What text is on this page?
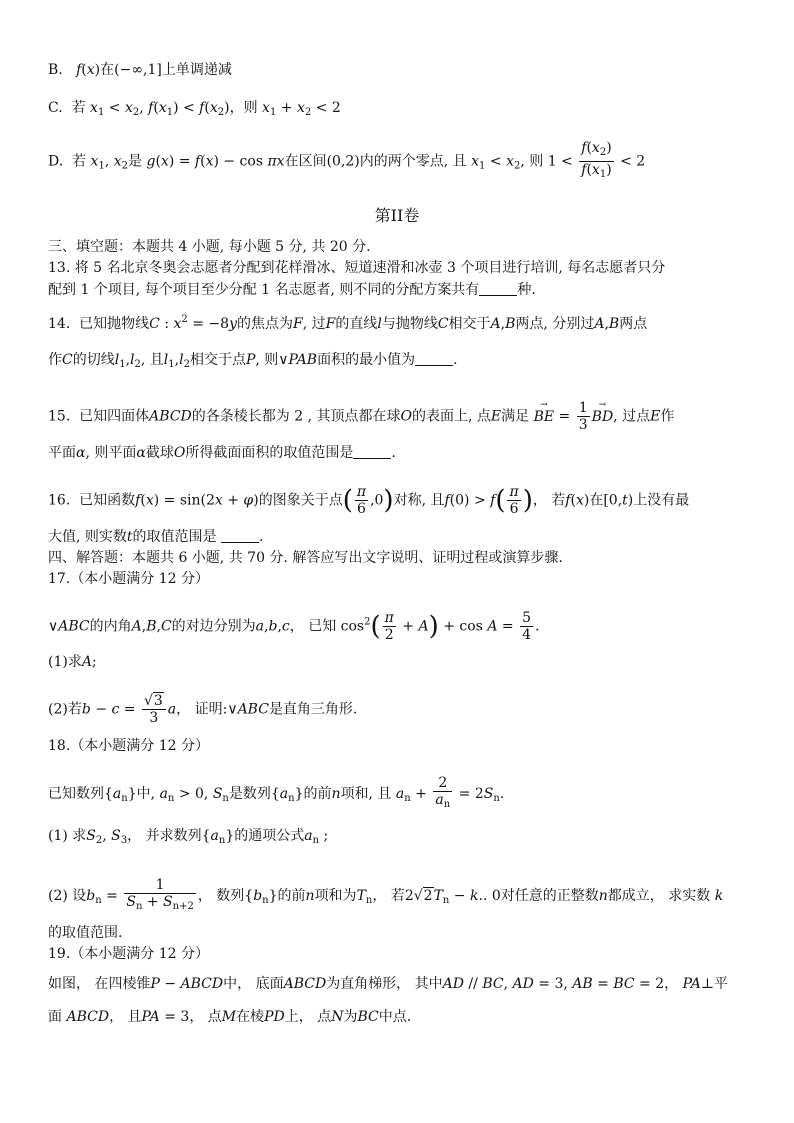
B. f(x)在(−∞,1]上单调递减
C. 若 $x_1 < x_2$, $f(x_1) < f(x_2)$，则 $x_1 + x_2 < 2$
D. 若 $x_1$, $x_2$是 g(x) = f(x) − cos πx在区间(0,2)内的两个零点, 且 $x_1 < x_2$, 则 $1 < \frac{f(x_2)}{f(x_1)} < 2$
第II卷
三、填空题：本题共 4 小题, 每小题 5 分, 共 20 分.
13. 将 5 名北京冬奥会志愿者分配到花样滑冰、短道速滑和冰壶 3 个项目进行培训, 每名志愿者只分
配到 1 个项目, 每个项目至少分配 1 名志愿者, 则不同的分配方案共有	种.
14. 已知抛物线C : $x^2 = -8y$的焦点为F, 过F的直线l与抛物线C相交于A,B两点, 分别过A,B两点
作C的切线$l_1,l_2$, 且$l_1,l_2$相交于点P, 则∨PAB面积的最小值为	.
15. 已知四面体ABCD的各条棱长都为 2 , 其顶点都在球O的表面上, 点E满足 → BE = $\frac{1}{3}$ → BD, 过点E作
平面α, 则平面α截球O所得截面面积的取值范围是	.
16. 已知函数f(x) = sin(2x + φ)的图象关于点( $\frac{\pi}{6} ,0$)对称, 且$f(0) > f( \frac{\pi}{6}$ )， 若f(x)在[0,t)上没有最
大值, 则实数t的取值范围是	.
四、解答题：本题共 6 小题, 共 70 分. 解答应写出文字说明、证明过程或演算步骤.
17.（本小题满分 12 分）
∨ABC的内角A,B,C的对边分别为a,b,c， 已知 $\cos^2( \frac{\pi}{2} + A) + \cos A = \frac{5}{4}$ .
(1)求A;
(2)若$b - c = \frac{√3}{3}$ a， 证明:∨ABC是直角三角形.
18.（本小题满分 12 分）
已知数列$\{a_n\}$中, $a_n > 0$, $S_n$是数列$\{a_n\}$的前n项和, 且 $a_n + \frac{2}{a_n} = 2S_n$.
(1) 求$S_2$, $S_3$， 并求数列$\{a_n\}$的通项公式$a_n$ ;
(2) 设$b_n = \frac{1}{S_n + S_{n+2}}$ ， 数列$\{b_n\}$的前n项和为$T_n$， 若$2√2T_n - k$.. 0对任意的正整数n都成立， 求实数 k
的取值范围.
19.（本小题满分 12 分）
如图， 在四棱锥P − ABCD中， 底面ABCD为直角梯形， 其中AD // BC, AD = 3, AB = BC = 2， PA⊥平
面 ABCD， 且PA = 3， 点M在棱PD上， 点N为BC中点.
